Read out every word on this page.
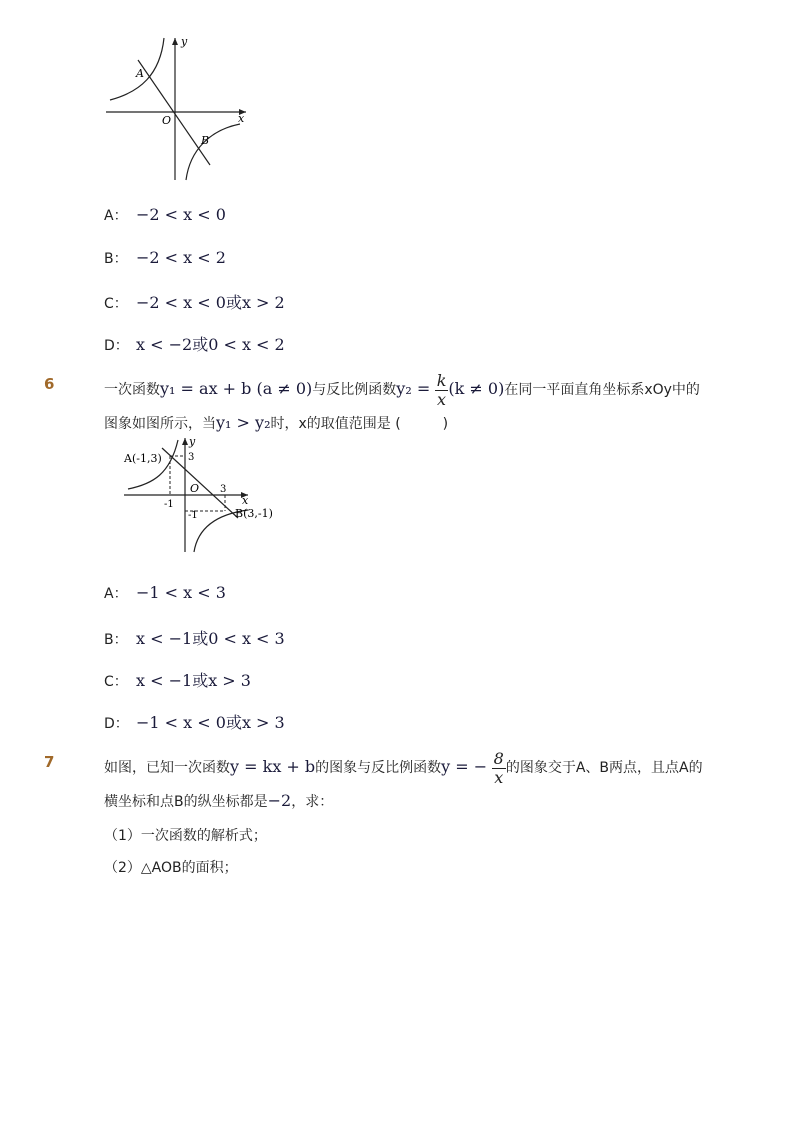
A
B
O	x
y
A： −2 < x < 0
B： −2 < x < 2
C： −2 < x < 0或x > 2
D： x < −2或0 < x < 2
6	一次函数y₁ = ax + b (a ≠ 0)与反比例函数$y_2 = \frac{k}{x} (k \ne 0)$在同一平面直角坐标系xOy中的
图象如图所示，当y₁ > y₂时，x的取值范围是 (　　　)
A(-1,3)
B(3,-1)
O
x
y
3
3
-1
-1
A： −1 < x < 3
B： x < −1或0 < x < 3
C： x < −1或x > 3
D： −1 < x < 0或x > 3
7	如图，已知一次函数y = kx + b的图象与反比例函数y = − $\frac{8}{x}$ 的图象交于A、B两点，且点A的
横坐标和点B的纵坐标都是−2，求：
（1）一次函数的解析式；
（2）△AOB的面积；
